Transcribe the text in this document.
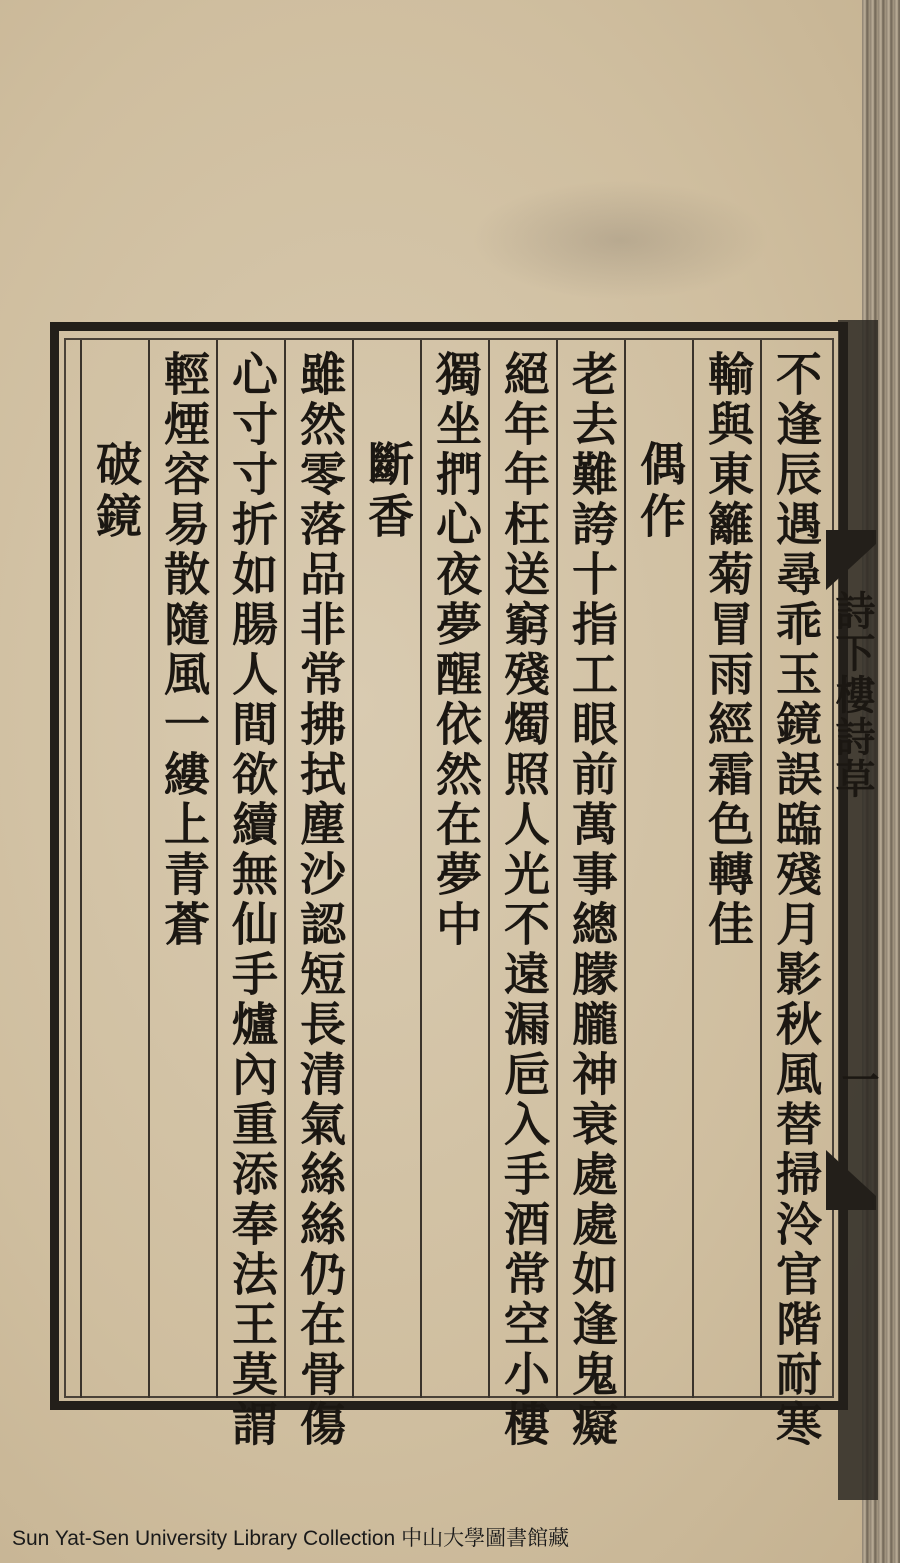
不逢辰遇尋乖玉鏡誤臨殘月影秋風替掃泠官階耐寒
輸與東籬菊冒雨經霜色轉佳
偶作
老去難誇十指工眼前萬事總朦朧神衰處處如逢鬼癡
絕年年枉送窮殘燭照人光不遠漏巵入手酒常空小樓
獨坐捫心夜夢醒依然在夢中
斷香
雖然零落品非常拂拭塵沙認短長清氣絲絲仍在骨傷
心寸寸折如腸人間欲續無仙手爐內重添奉法王莫謂
輕煙容易散隨風一縷上青蒼
破鏡
詩下樓詩草
一
Sun Yat-Sen University Library Collection 中山大學圖書館藏
